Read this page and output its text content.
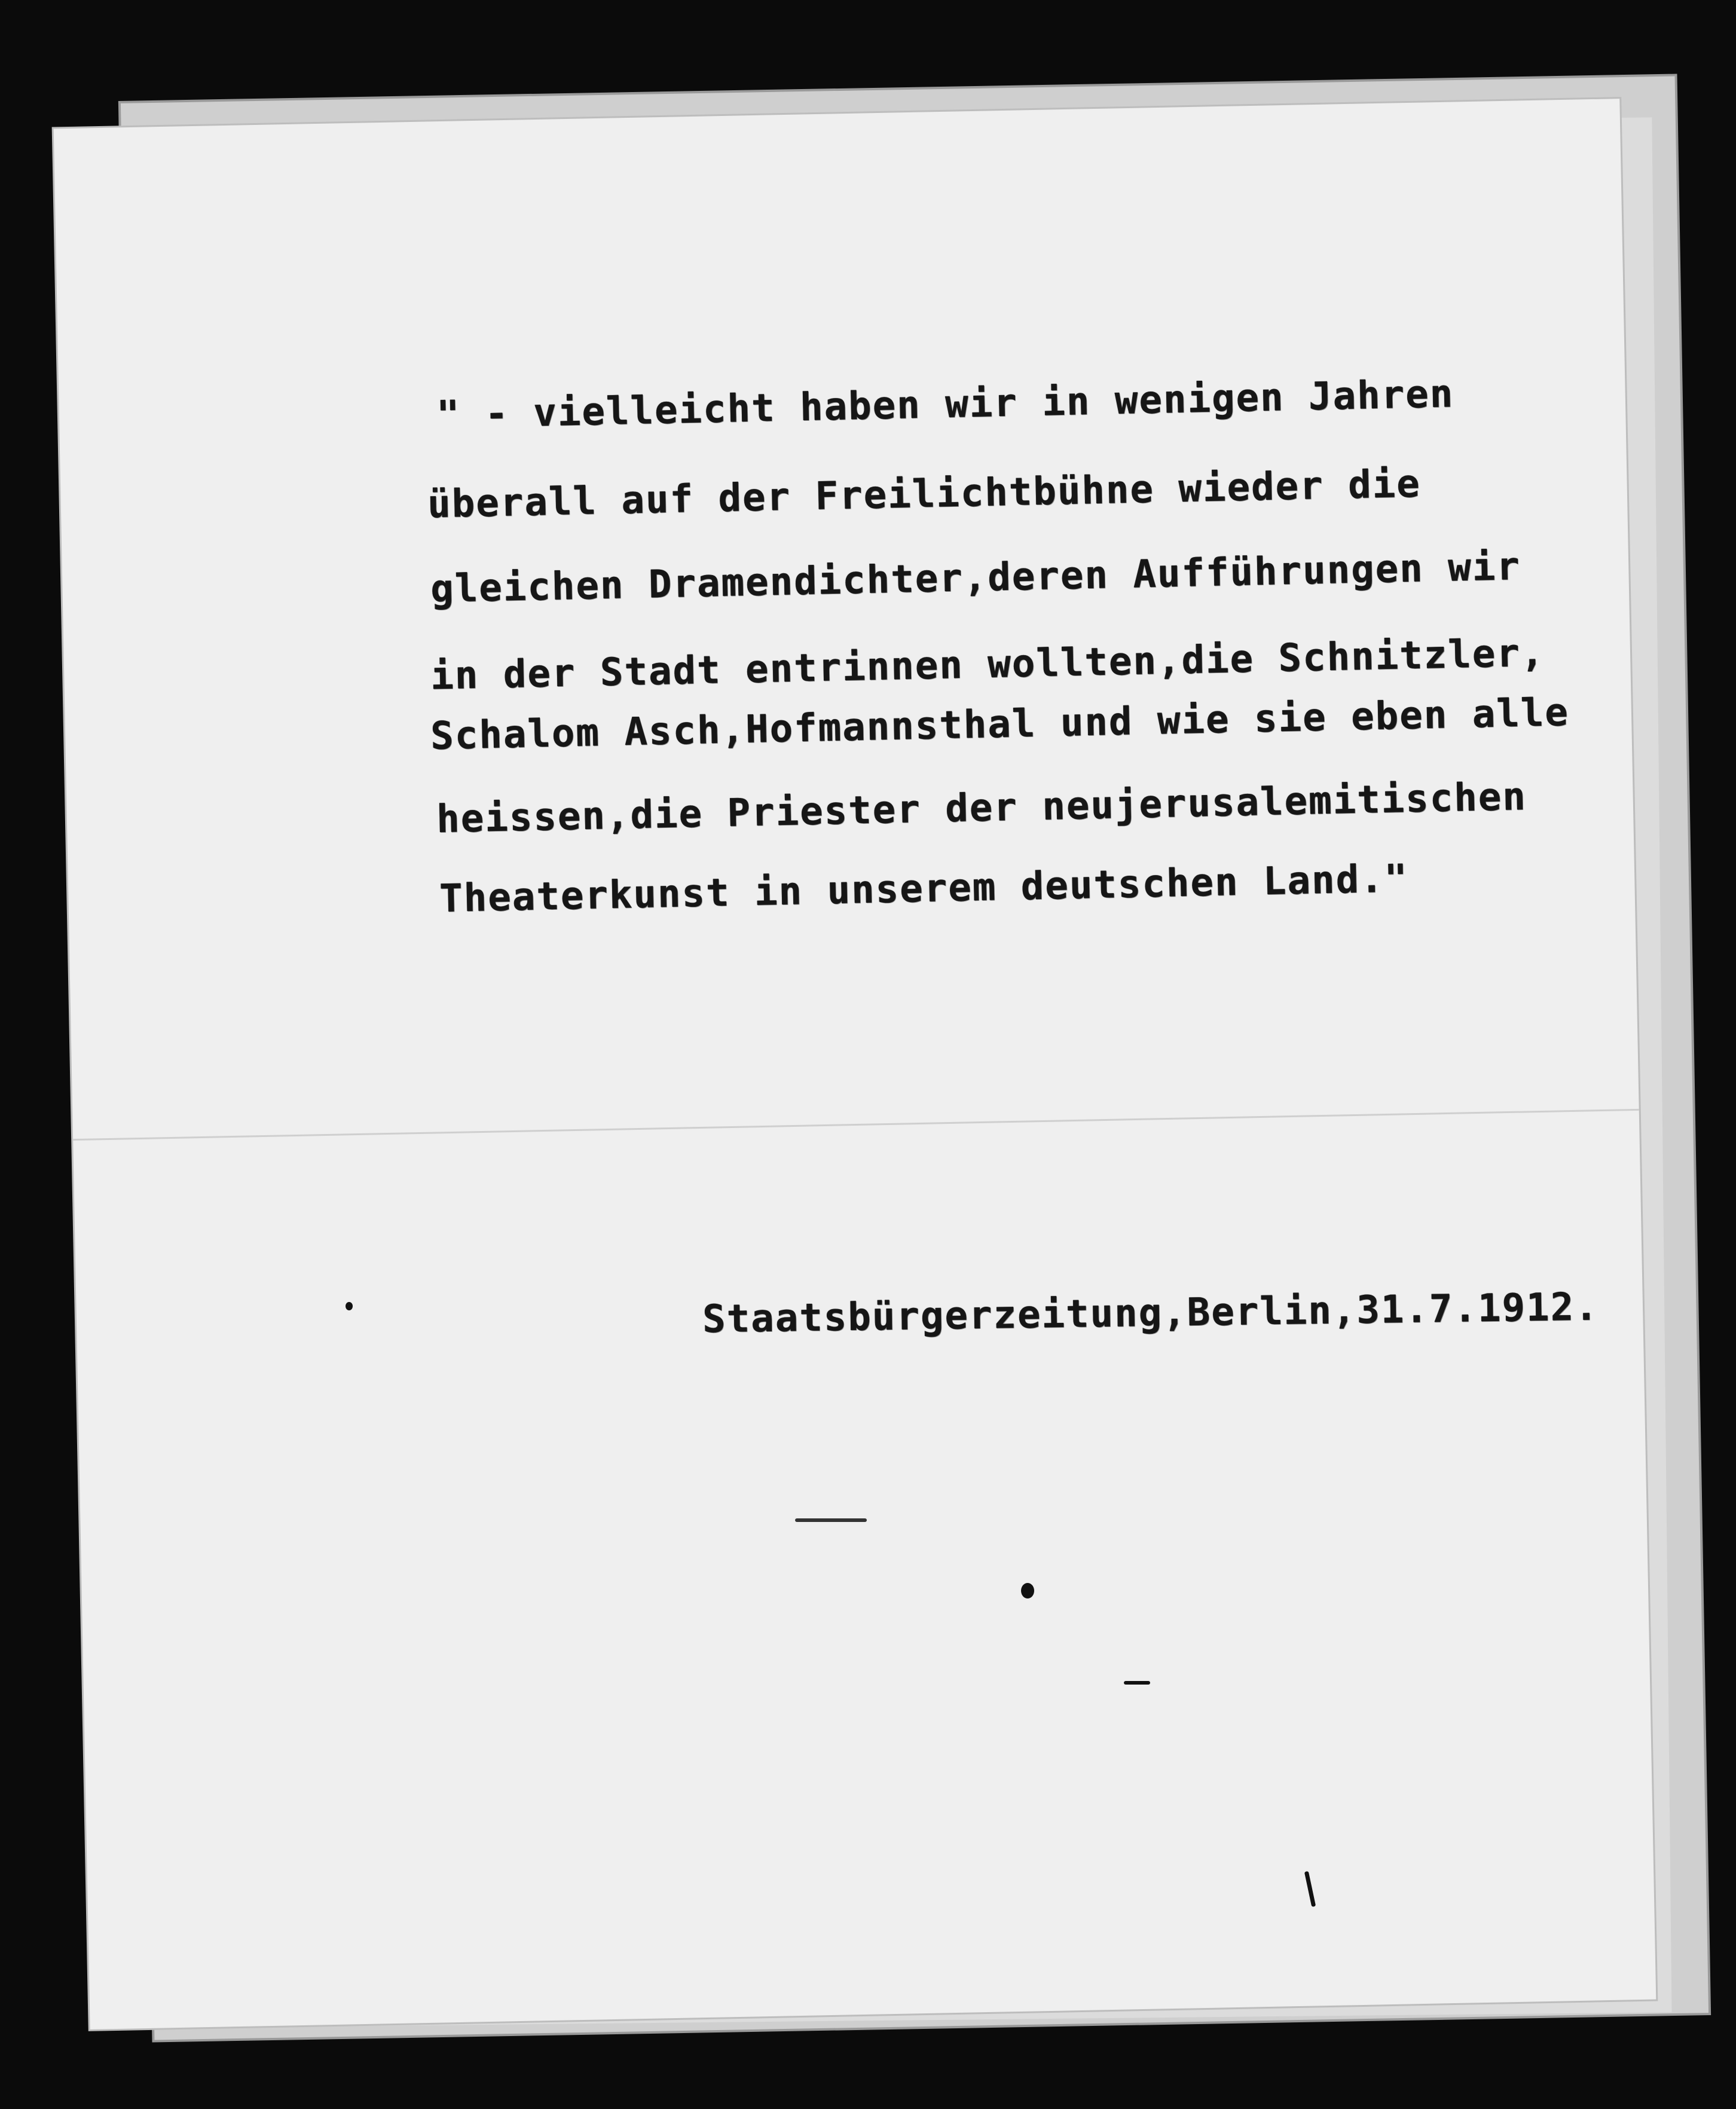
" - vielleicht haben wir in wenigen Jahren
überall auf der Freilichtbühne wieder die
gleichen Dramendichter,deren Aufführungen wir
in der Stadt entrinnen wollten,die Schnitzler,
Schalom Asch,Hofmannsthal und wie sie eben alle
heissen,die Priester der neujerusalemitischen
Theaterkunst in unserem deutschen Land."
Staatsbürgerzeitung,Berlin,31.7.1912.
